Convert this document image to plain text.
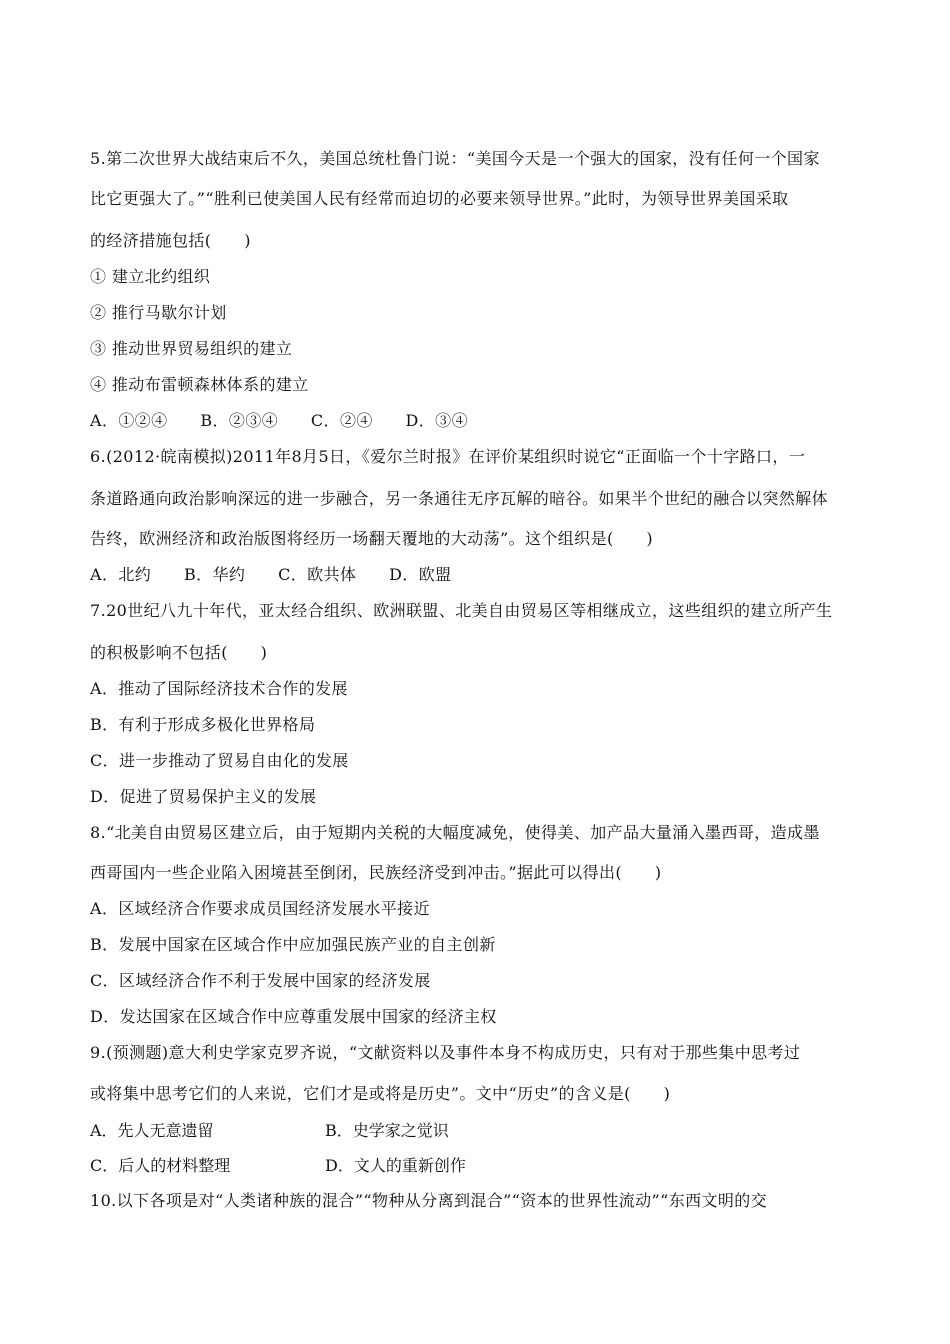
5.第二次世界大战结束后不久，美国总统杜鲁门说：“美国今天是一个强大的国家，没有任何一个国家
比它更强大了。”“胜利已使美国人民有经常而迫切的必要来领导世界。”此时，为领导世界美国采取
的经济措施包括(　　)
① 建立北约组织
② 推行马歇尔计划
③ 推动世界贸易组织的建立
④ 推动布雷顿森林体系的建立
A．①②④　　B．②③④　　C．②④　　D．③④
6.(2012·皖南模拟)2011年8月5日，《爱尔兰时报》在评价某组织时说它“正面临一个十字路口，一
条道路通向政治影响深远的进一步融合，另一条通往无序瓦解的暗谷。如果半个世纪的融合以突然解体
告终，欧洲经济和政治版图将经历一场翻天覆地的大动荡”。这个组织是(　　)
A．北约　　B．华约　　C．欧共体　　D．欧盟
7.20世纪八九十年代，亚太经合组织、欧洲联盟、北美自由贸易区等相继成立，这些组织的建立所产生
的积极影响不包括(　　)
A．推动了国际经济技术合作的发展
B．有利于形成多极化世界格局
C．进一步推动了贸易自由化的发展
D．促进了贸易保护主义的发展
8.“北美自由贸易区建立后，由于短期内关税的大幅度减免，使得美、加产品大量涌入墨西哥，造成墨
西哥国内一些企业陷入困境甚至倒闭，民族经济受到冲击。”据此可以得出(　　)
A．区域经济合作要求成员国经济发展水平接近
B．发展中国家在区域合作中应加强民族产业的自主创新
C．区域经济合作不利于发展中国家的经济发展
D．发达国家在区域合作中应尊重发展中国家的经济主权
9.(预测题)意大利史学家克罗齐说，“文献资料以及事件本身不构成历史，只有对于那些集中思考过
或将集中思考它们的人来说，它们才是或将是历史”。文中“历史”的含义是(　　)
A．先人无意遗留	B．史学家之觉识
C．后人的材料整理	D．文人的重新创作
10.以下各项是对“人类诸种族的混合”“物种从分离到混合”“资本的世界性流动”“东西文明的交
